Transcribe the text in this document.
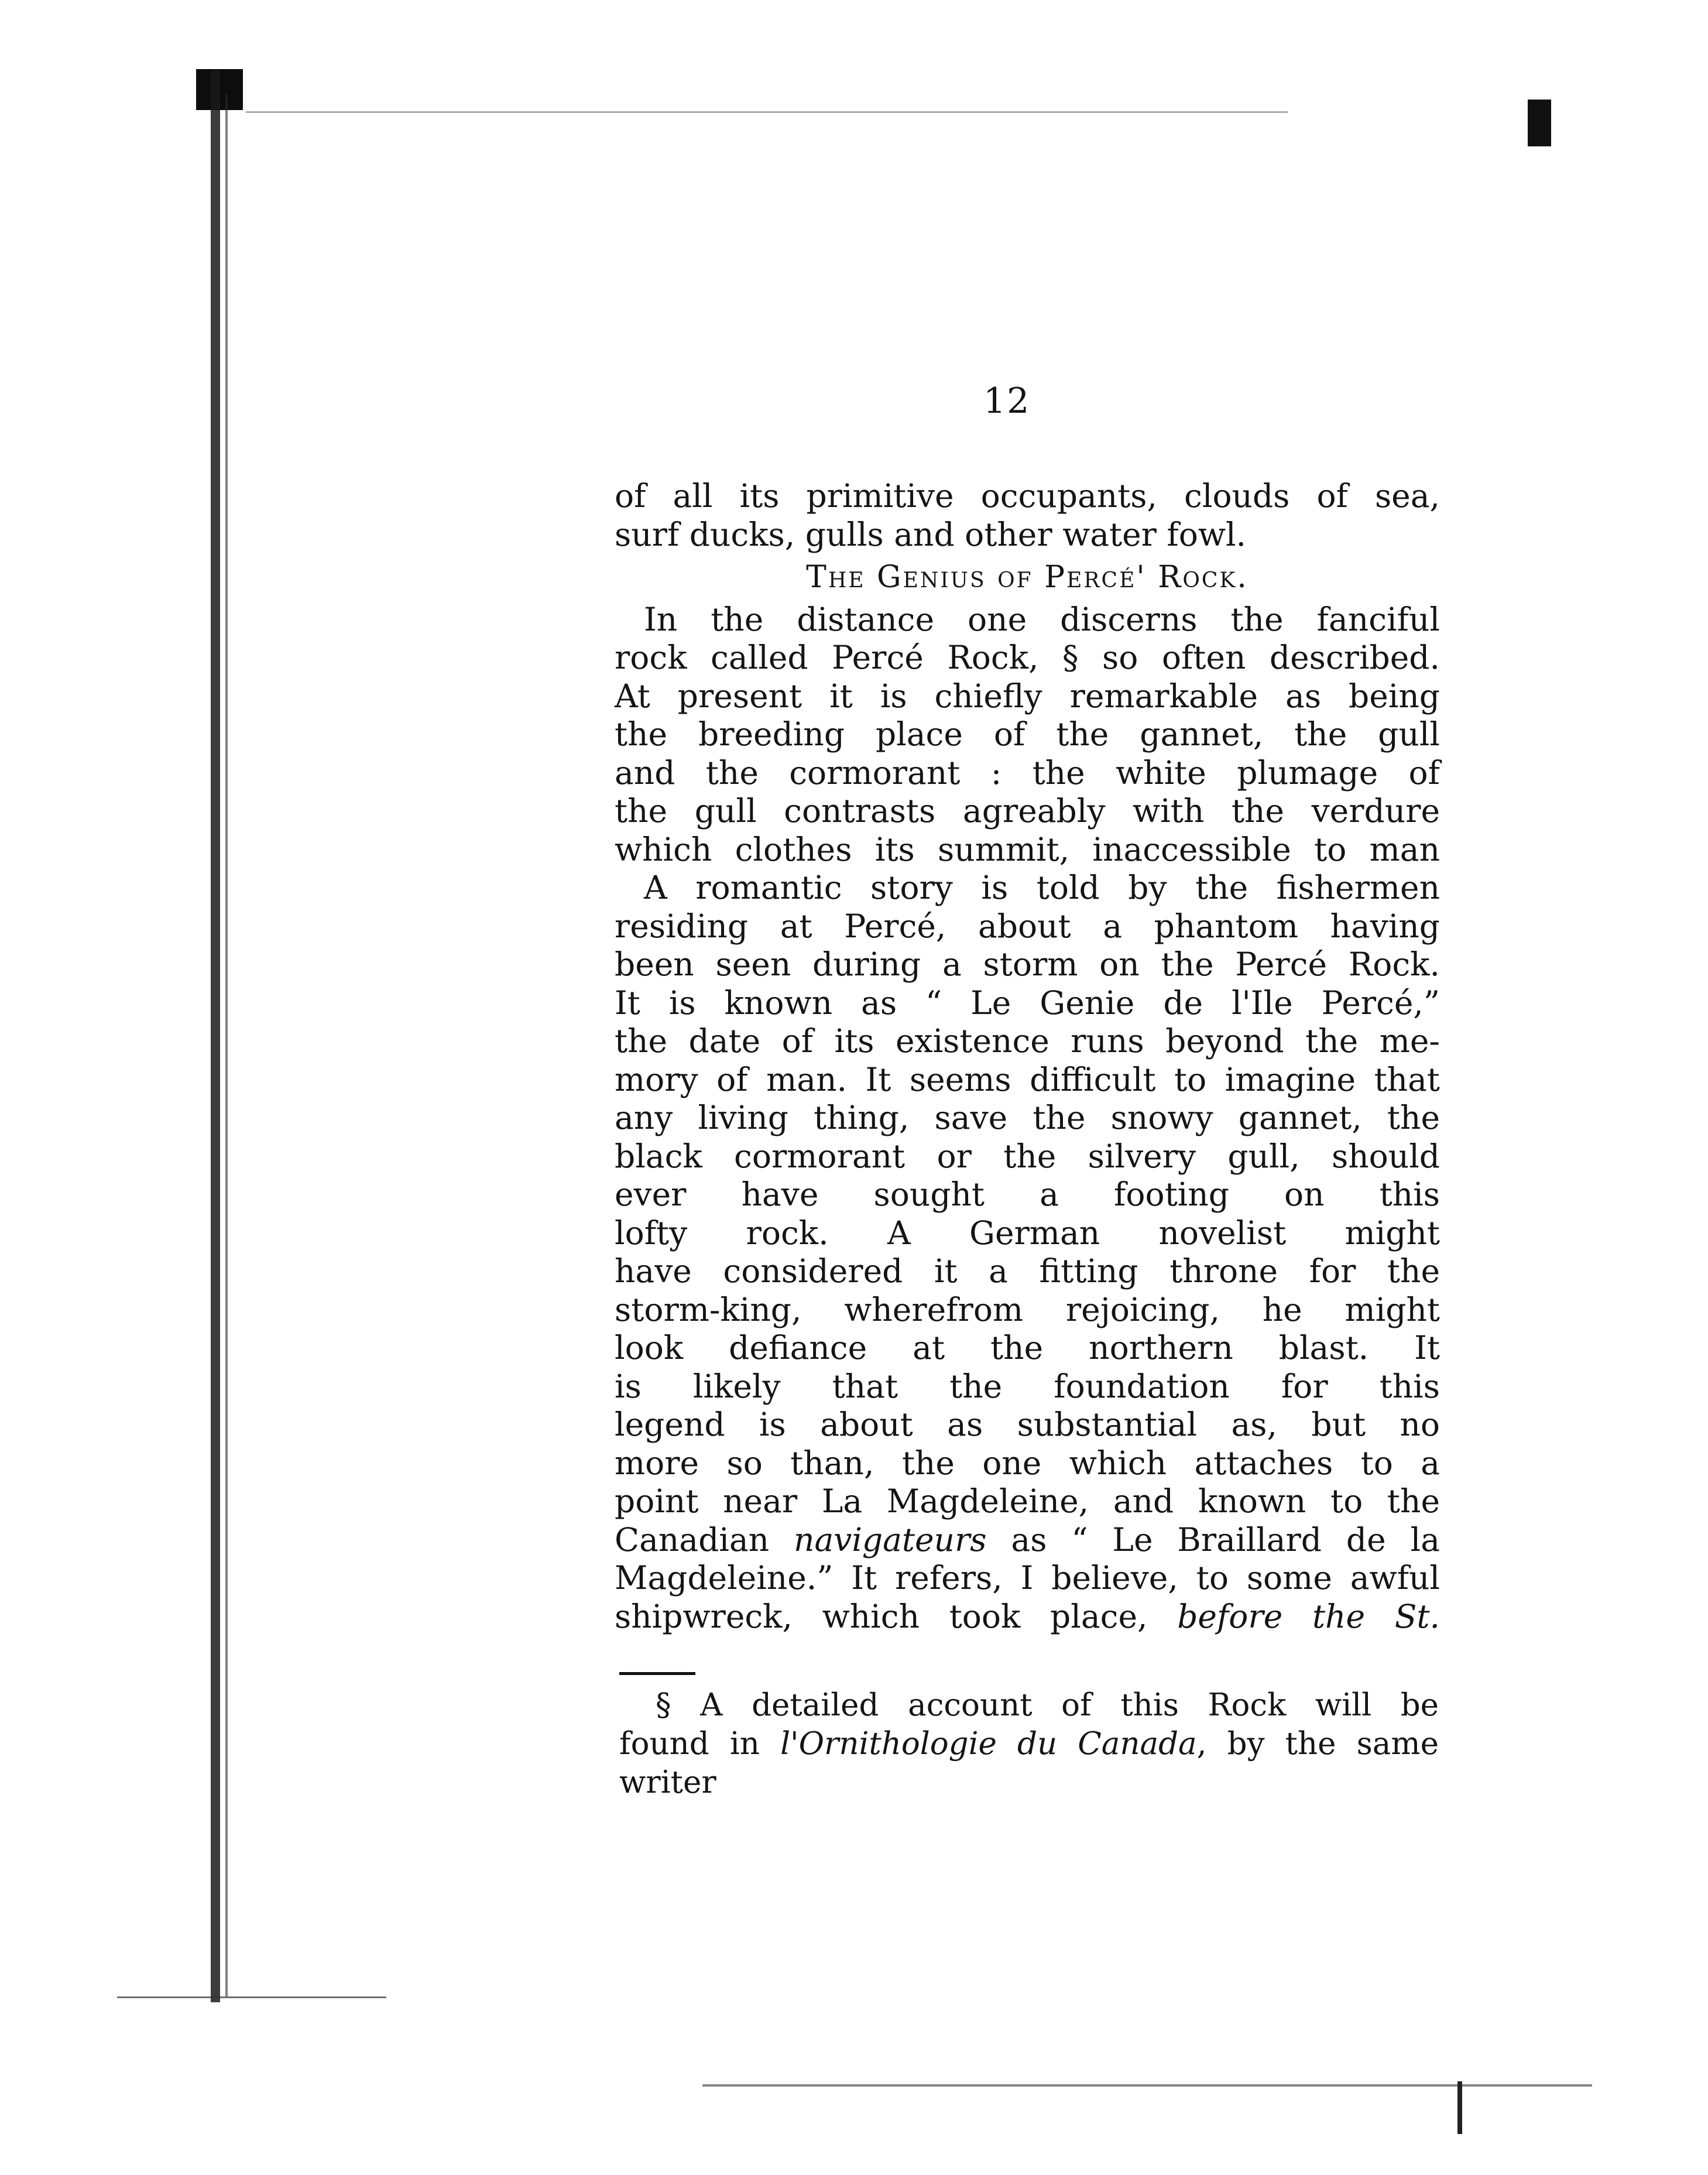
12
of all its primitive occupants, clouds of sea,
surf ducks, gulls and other water fowl.

The Genius of Percé' Rock.

In the distance one discerns the fanciful
rock called Percé Rock, § so often described.
At present it is chiefly remarkable as being
the breeding place of the gannet, the gull
and the cormorant : the white plumage of
the gull contrasts agreably with the verdure
which clothes its summit, inaccessible to man
A romantic story is told by the fishermen
residing at Percé, about a phantom having
been seen during a storm on the Percé Rock.
It is known as “ Le Genie de l'Ile Percé,”
the date of its existence runs beyond the me-
mory of man. It seems difficult to imagine that
any living thing, save the snowy gannet, the
black cormorant or the silvery gull, should
ever have sought a footing on this
lofty rock. A German novelist might
have considered it a fitting throne for the
storm-king, wherefrom rejoicing, he might
look defiance at the northern blast. It
is likely that the foundation for this
legend is about as substantial as, but no
more so than, the one which attaches to a
point near La Magdeleine, and known to the
Canadian navigateurs as “ Le Braillard de la
Magdeleine.” It refers, I believe, to some awful
shipwreck, which took place, before the St.
§ A detailed account of this Rock will be
found in l'Ornithologie du Canada, by the same
writer
